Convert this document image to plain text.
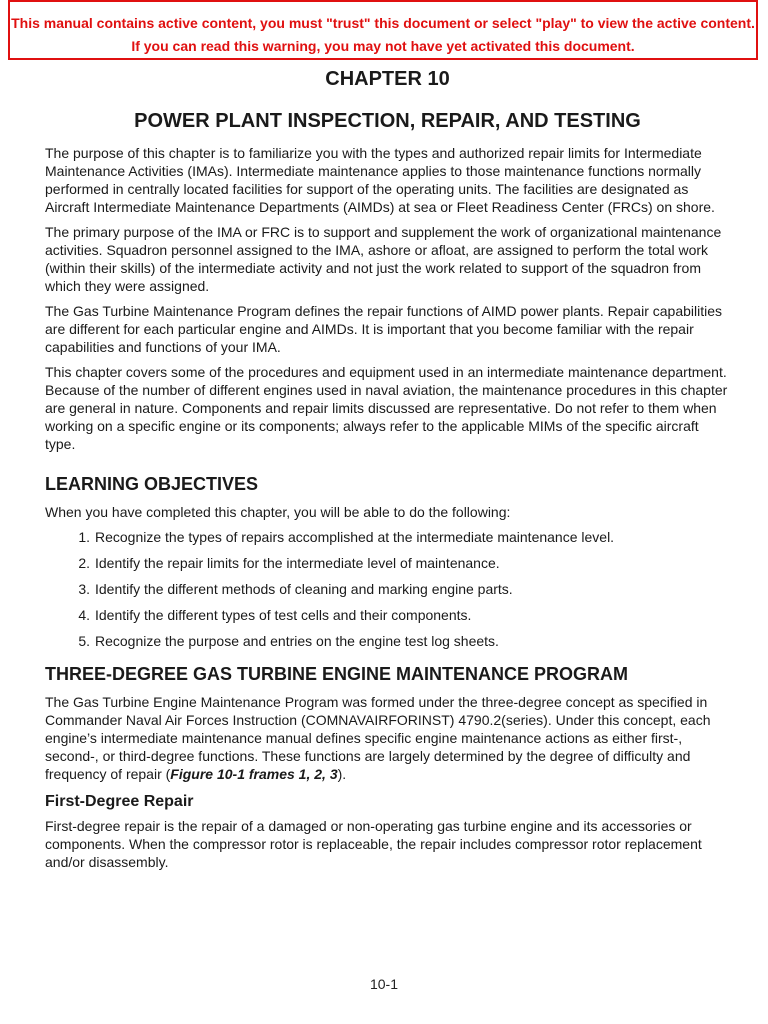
This manual contains active content, you must "trust" this document or select "play" to view the active content.
If you can read this warning, you may not have yet activated this document.
CHAPTER 10
POWER PLANT INSPECTION, REPAIR, AND TESTING

The purpose of this chapter is to familiarize you with the types and authorized repair limits for Intermediate Maintenance Activities (IMAs). Intermediate maintenance applies to those maintenance functions normally performed in centrally located facilities for support of the operating units. The facilities are designated as Aircraft Intermediate Maintenance Departments (AIMDs) at sea or Fleet Readiness Center (FRCs) on shore.

The primary purpose of the IMA or FRC is to support and supplement the work of organizational maintenance activities. Squadron personnel assigned to the IMA, ashore or afloat, are assigned to perform the total work (within their skills) of the intermediate activity and not just the work related to support of the squadron from which they were assigned.

The Gas Turbine Maintenance Program defines the repair functions of AIMD power plants. Repair capabilities are different for each particular engine and AIMDs. It is important that you become familiar with the repair capabilities and functions of your IMA.

This chapter covers some of the procedures and equipment used in an intermediate maintenance department. Because of the number of different engines used in naval aviation, the maintenance procedures in this chapter are general in nature. Components and repair limits discussed are representative. Do not refer to them when working on a specific engine or its components; always refer to the applicable MIMs of the specific aircraft type.

LEARNING OBJECTIVES

When you have completed this chapter, you will be able to do the following:

1. Recognize the types of repairs accomplished at the intermediate maintenance level.
2. Identify the repair limits for the intermediate level of maintenance.
3. Identify the different methods of cleaning and marking engine parts.
4. Identify the different types of test cells and their components.
5. Recognize the purpose and entries on the engine test log sheets.
THREE-DEGREE GAS TURBINE ENGINE MAINTENANCE PROGRAM

The Gas Turbine Engine Maintenance Program was formed under the three-degree concept as specified in Commander Naval Air Forces Instruction (COMNAVAIRFORINST) 4790.2(series). Under this concept, each engine’s intermediate maintenance manual defines specific engine maintenance actions as either first-, second-, or third-degree functions. These functions are largely determined by the degree of difficulty and frequency of repair (Figure 10-1 frames 1, 2, 3).

First-Degree Repair

First-degree repair is the repair of a damaged or non-operating gas turbine engine and its accessories or components. When the compressor rotor is replaceable, the repair includes compressor rotor replacement and/or disassembly.

10-1
